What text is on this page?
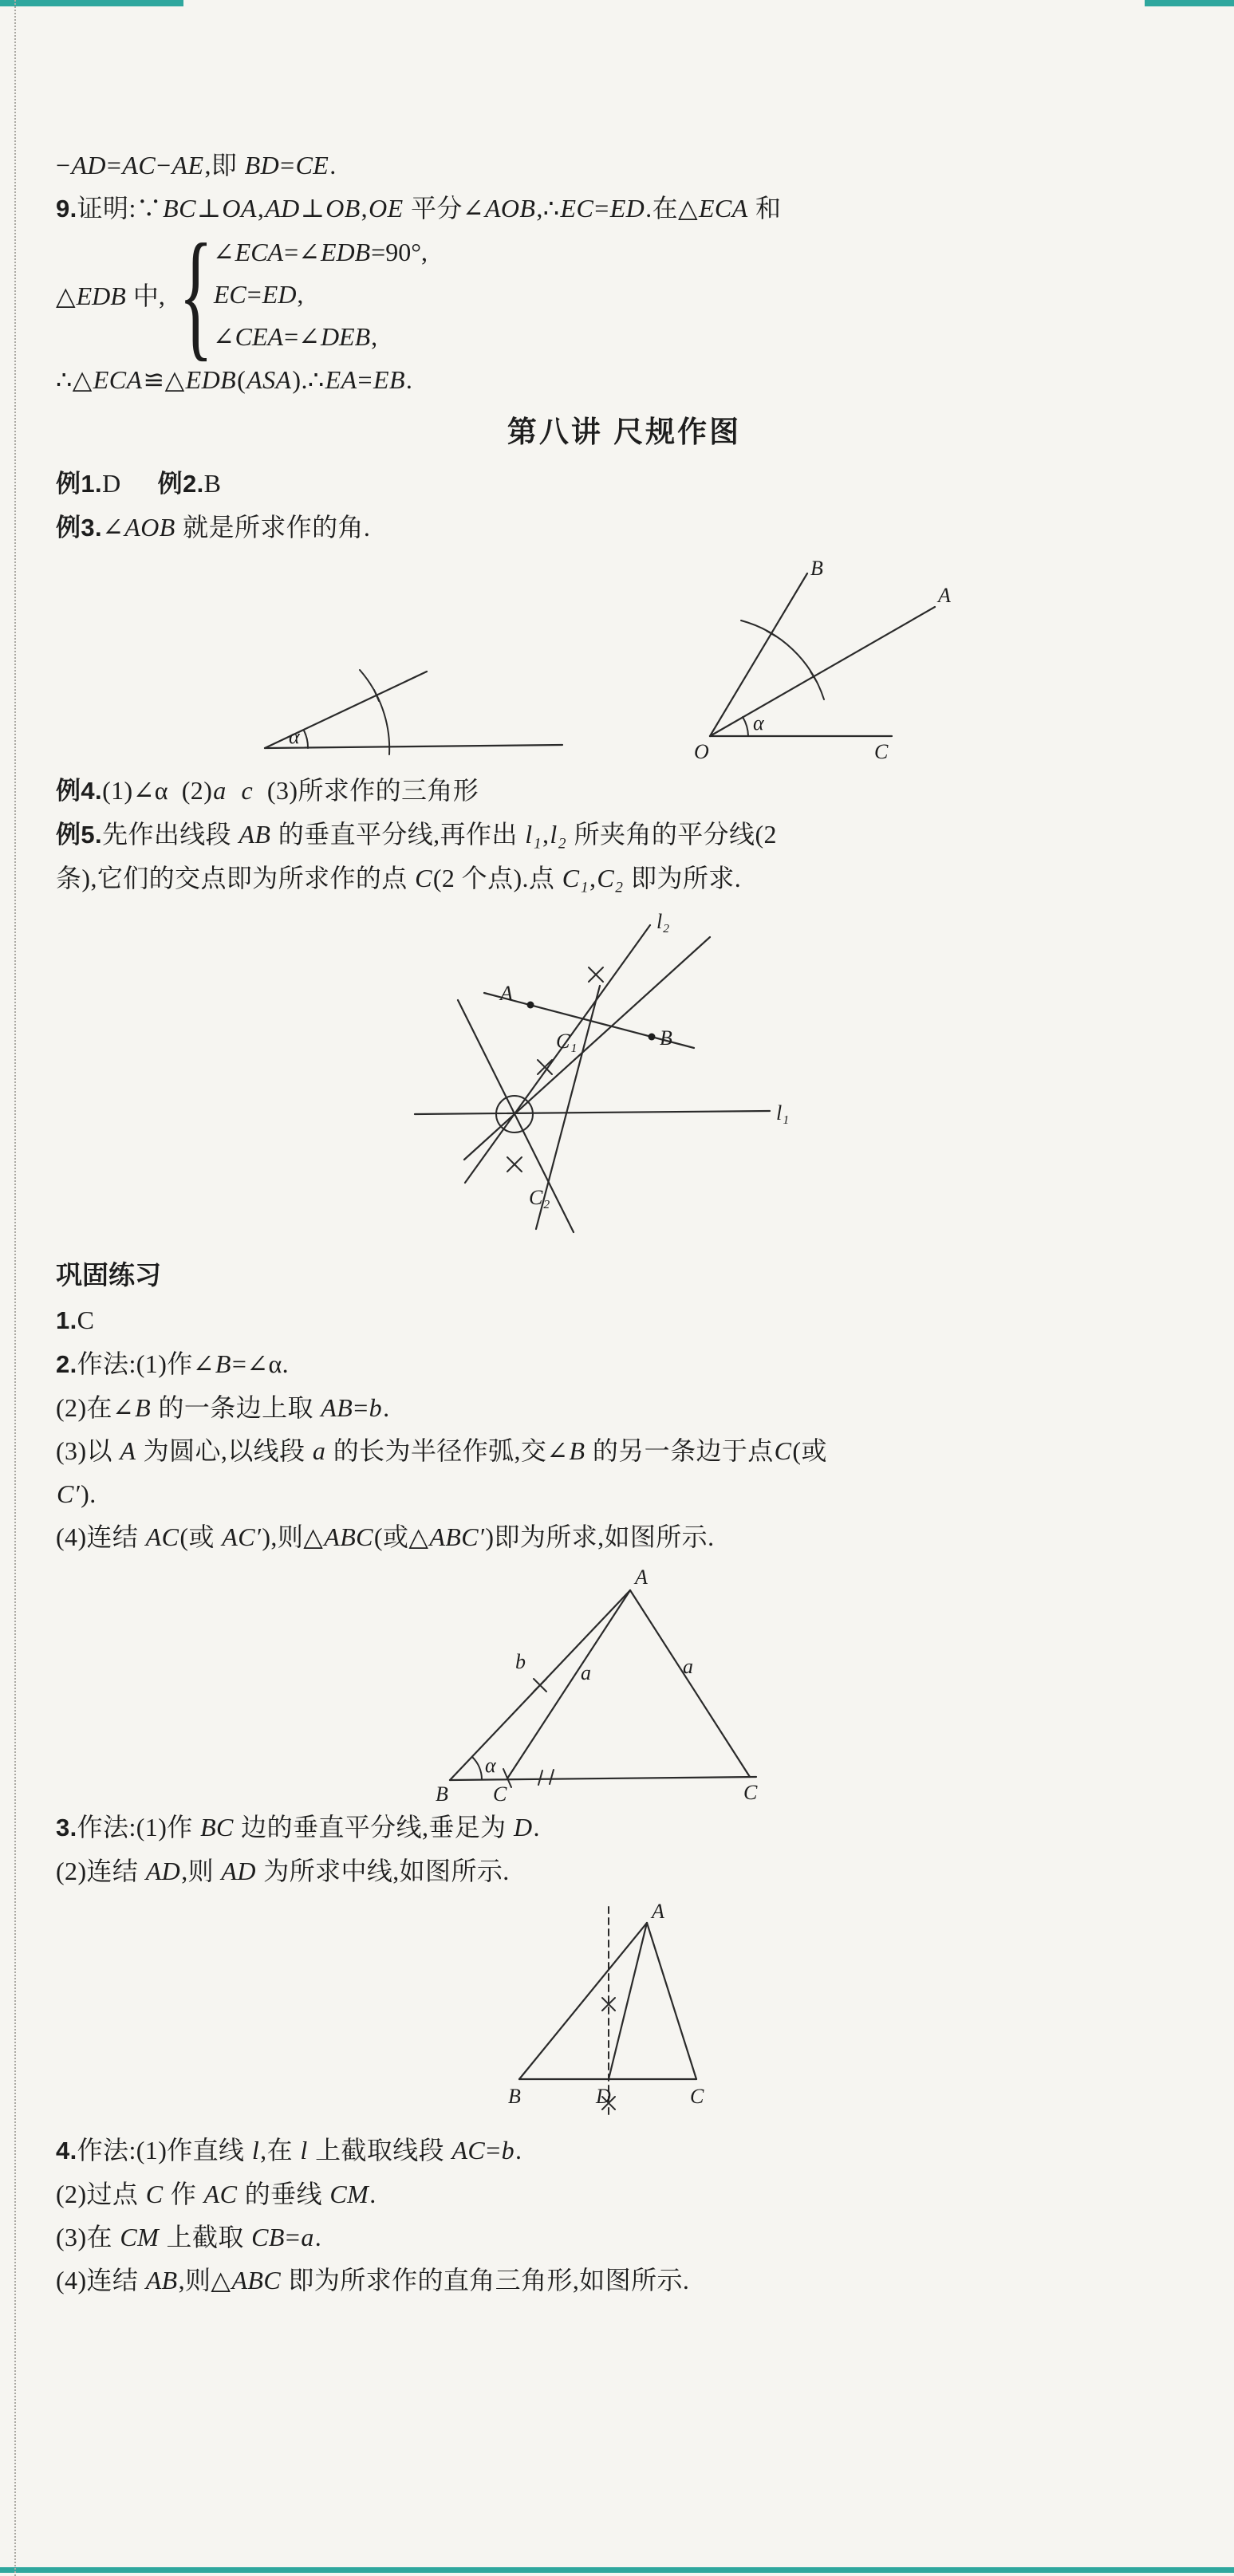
−AD=AC−AE,即 BD=CE.

9.证明:∵BC⊥OA,AD⊥OB,OE 平分∠AOB,∴EC=ED.在△ECA 和

△EDB 中, { ∠ECA=∠EDB=90°,
EC=ED,
∠CEA=∠DEB,

∴△ECA≌△EDB(ASA).∴EA=EB.

第八讲 尺规作图

例1.D 例2.B

例3.∠AOB 就是所求作的角.

α
B
A
O	C
α

例4.(1)∠α  (2)a c  (3)所求作的三角形

例5.先作出线段 AB 的垂直平分线,再作出 l₁,l₂ 所夹角的平分线(2

条),它们的交点即为所求作的点 C(2 个点).点 C₁,C₂ 即为所求.

A
B
C₁
C₂
l₂
l₁
巩固练习

1.C

2.作法:(1)作∠B=∠α.

(2)在∠B 的一条边上取 AB=b.

(3)以 A 为圆心,以线段 a 的长为半径作弧,交∠B 的另一条边于点C(或

C′).

(4)连结 AC(或 AC′),则△ABC(或△ABC′)即为所求,如图所示.

A
b	a	a
α
B C	C

3.作法:(1)作 BC 边的垂直平分线,垂足为 D.

(2)连结 AD,则 AD 为所求中线,如图所示.

A
B	D	C

4.作法:(1)作直线 l,在 l 上截取线段 AC=b.

(2)过点 C 作 AC 的垂线 CM.

(3)在 CM 上截取 CB=a.

(4)连结 AB,则△ABC 即为所求作的直角三角形,如图所示.
